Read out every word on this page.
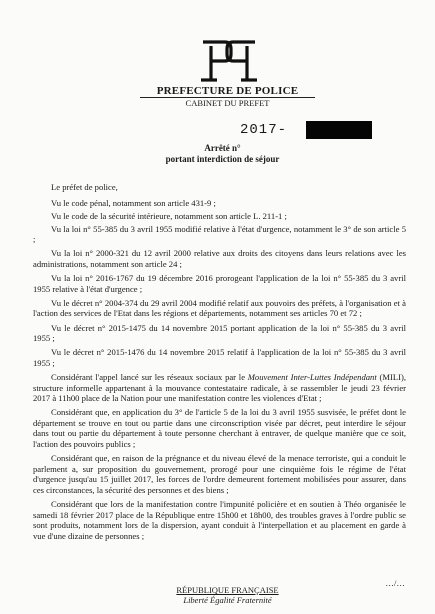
PREFECTURE DE POLICE
CABINET DU PREFET
2017-
Arrêté n°
portant interdiction de séjour

Le préfet de police,

Vu le code pénal, notamment son article 431-9 ;

Vu le code de la sécurité intérieure, notamment son article L. 211-1 ;

Vu la loi n° 55-385 du 3 avril 1955 modifié relative à l'état d'urgence, notamment le 3° de son article 5 ;

Vu la loi n° 2000-321 du 12 avril 2000 relative aux droits des citoyens dans leurs relations avec les administrations, notamment son article 24 ;

Vu la loi n° 2016-1767 du 19 décembre 2016 prorogeant l'application de la loi n° 55-385 du 3 avril 1955 relative à l'état d'urgence ;

Vu le décret n° 2004-374 du 29 avril 2004 modifié relatif aux pouvoirs des préfets, à l'organisation et à l'action des services de l'Etat dans les régions et départements, notamment ses articles 70 et 72 ;

Vu le décret n° 2015-1475 du 14 novembre 2015 portant application de la loi n° 55-385 du 3 avril 1955 ;

Vu le décret n° 2015-1476 du 14 novembre 2015 relatif à l'application de la loi n° 55-385 du 3 avril 1955 ;

Considérant l'appel lancé sur les réseaux sociaux par le Mouvement Inter-Luttes Indépendant (MILI), structure informelle appartenant à la mouvance contestataire radicale, à se rassembler le jeudi 23 février 2017 à 11h00 place de la Nation pour une manifestation contre les violences d'Etat ;

Considérant que, en application du 3° de l'article 5 de la loi du 3 avril 1955 susvisée, le préfet dont le département se trouve en tout ou partie dans une circonscription visée par décret, peut interdire le séjour dans tout ou partie du département à toute personne cherchant à entraver, de quelque manière que ce soit, l'action des pouvoirs publics ;

Considérant que, en raison de la prégnance et du niveau élevé de la menace terroriste, qui a conduit le parlement a, sur proposition du gouvernement, prorogé pour une cinquième fois le régime de l'état d'urgence jusqu'au 15 juillet 2017, les forces de l'ordre demeurent fortement mobilisées pour assurer, dans ces circonstances, la sécurité des personnes et des biens ;

Considérant que lors de la manifestation contre l'impunité policière et en soutien à Théo organisée le samedi 18 février 2017 place de la République entre 15h00 et 18h00, des troubles graves à l'ordre public se sont produits, notamment lors de la dispersion, ayant conduit à l'interpellation et au placement en garde à vue d'une dizaine de personnes ;

…/…
RÉPUBLIQUE FRANÇAISE
Liberté Égalité Fraternité
